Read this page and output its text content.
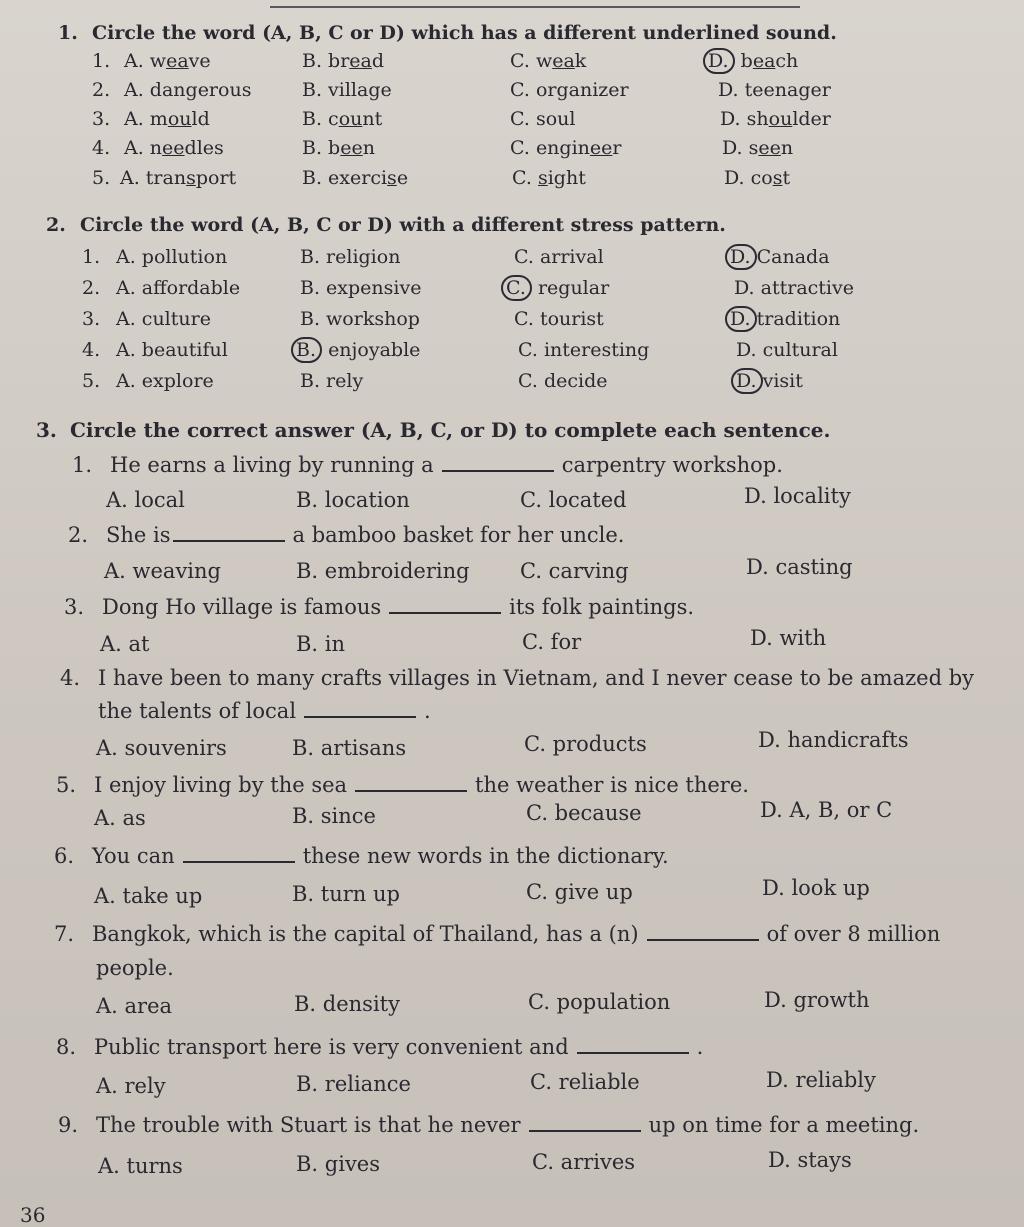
1. Circle the word (A, B, C or D) which has a different underlined sound.
1. A. weave	B. bread	C. weak	D. beach
2. A. dangerous	B. village	C. organizer	D. teenager
3. A. mould	B. count	C. soul	D. shoulder
4. A. needles	B. been	C. engineer	D. seen
5. A. transport	B. exercise	C. sight	D. cost
2. Circle the word (A, B, C or D) with a different stress pattern.
1. A. pollution	B. religion	C. arrival	D. Canada
2. A. affordable	B. expensive	C. regular	D. attractive
3. A. culture	B. workshop	C. tourist	D. tradition
4. A. beautiful	B. enjoyable	C. interesting	D. cultural
5. A. explore	B. rely	C. decide	D. visit
3. Circle the correct answer (A, B, C, or D) to complete each sentence.
1. He earns a living by running a	carpentry workshop.
A. local	B. location	C. located	D. locality
2. She is	a bamboo basket for her uncle.
A. weaving	B. embroidering C. carving	D. casting
3. Dong Ho village is famous	its folk paintings.
A. at	B. in	C. for	D. with
4. I have been to many crafts villages in Vietnam, and I never cease to be amazed by
the talents of local	.
A. souvenirs	B. artisans	C. products	D. handicrafts
5. I enjoy living by the sea	the weather is nice there.
A. as	B. since	C. because	D. A, B, or C
6. You can	these new words in the dictionary.
A. take up	B. turn up	C. give up	D. look up
7. Bangkok, which is the capital of Thailand, has a (n)	of over 8 million
people.
A. area	B. density	C. population	D. growth
8. Public transport here is very convenient and	.
A. rely	B. reliance	C. reliable	D. reliably
9. The trouble with Stuart is that he never	up on time for a meeting.
A. turns	B. gives	C. arrives	D. stays
36
